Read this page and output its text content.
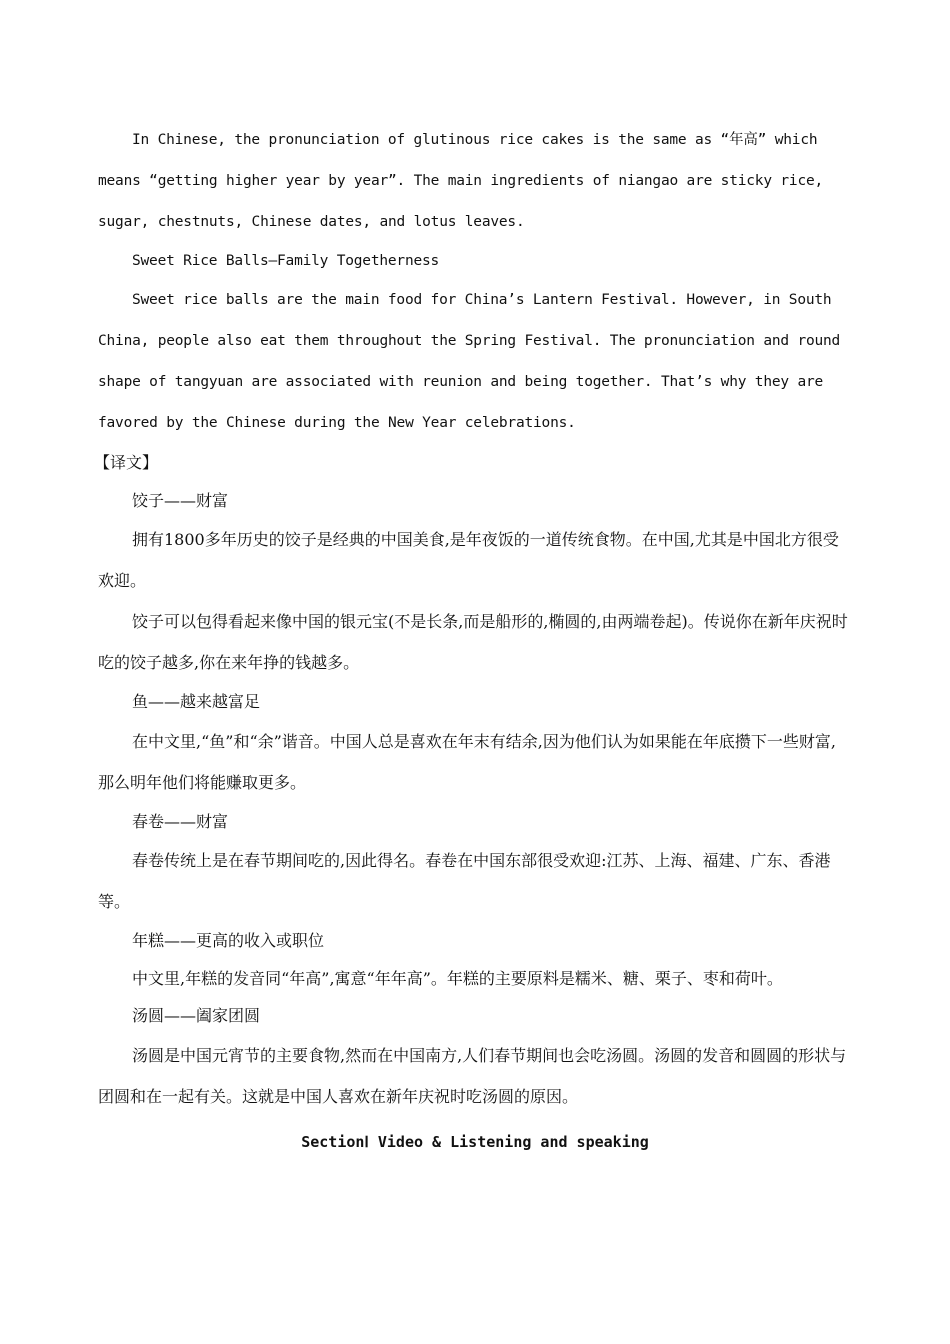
In Chinese, the pronunciation of glutinous rice cakes is the same as “年高” which means “getting higher year by year”. The main ingredients of niangao are sticky rice, sugar, chestnuts, Chinese dates, and lotus leaves.

Sweet Rice Balls—Family Togetherness

Sweet rice balls are the main food for China’s Lantern Festival. However, in South China, people also eat them throughout the Spring Festival. The pronunciation and round shape of tangyuan are associated with reunion and being together. That’s why they are favored by the Chinese during the New Year celebrations.

【译文】

饺子——财富

拥有1800多年历史的饺子是经典的中国美食,是年夜饭的一道传统食物。在中国,尤其是中国北方很受欢迎。

饺子可以包得看起来像中国的银元宝(不是长条,而是船形的,椭圆的,由两端卷起)。传说你在新年庆祝时吃的饺子越多,你在来年挣的钱越多。

鱼——越来越富足

在中文里,“鱼”和“余”谐音。中国人总是喜欢在年末有结余,因为他们认为如果能在年底攒下一些财富,那么明年他们将能赚取更多。

春卷——财富

春卷传统上是在春节期间吃的,因此得名。春卷在中国东部很受欢迎:江苏、上海、福建、广东、香港等。

年糕——更高的收入或职位

中文里,年糕的发音同“年高”,寓意“年年高”。年糕的主要原料是糯米、糖、栗子、枣和荷叶。

汤圆——阖家团圆

汤圆是中国元宵节的主要食物,然而在中国南方,人们春节期间也会吃汤圆。汤圆的发音和圆圆的形状与团圆和在一起有关。这就是中国人喜欢在新年庆祝时吃汤圆的原因。

SectionⅠ Video & Listening and speaking
